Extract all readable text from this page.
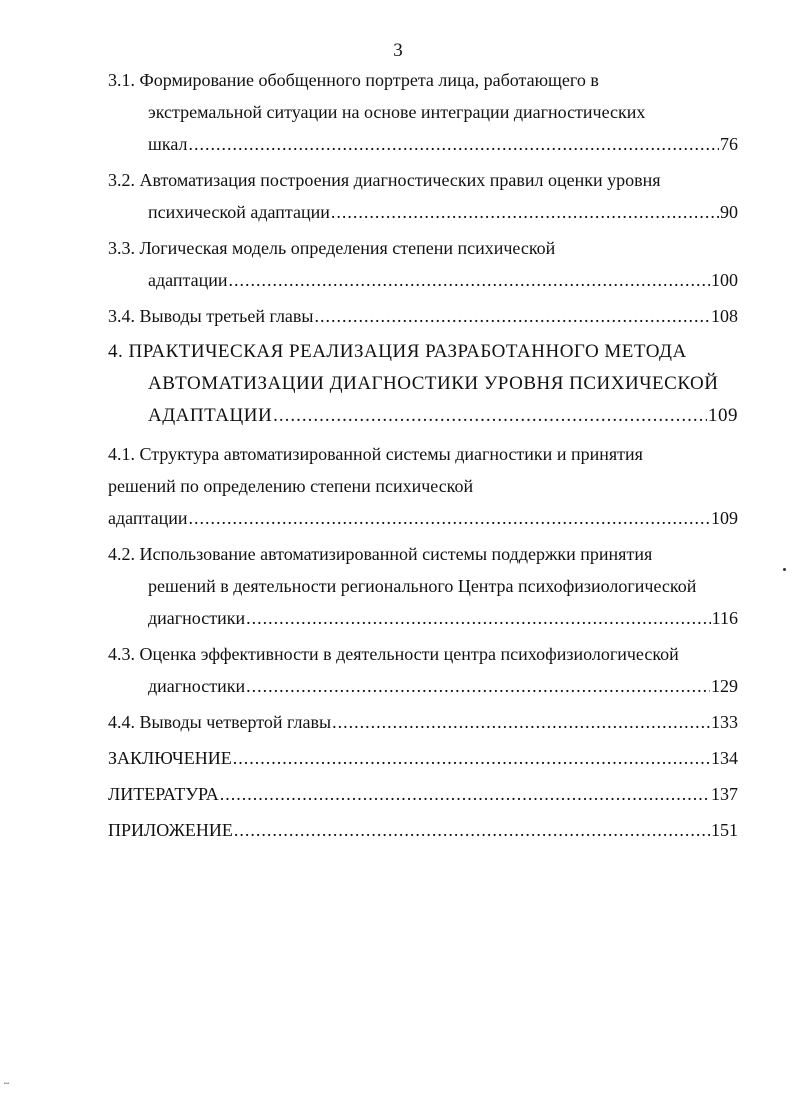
3
3.1. Формирование обобщенного портрета лица, работающего в
экстремальной ситуации на основе интеграции диагностических
шкал .....	76
3.2. Автоматизация построения диагностических правил оценки уровня
психической адаптации .....	90
3.3. Логическая модель определения степени психической
адаптации .....	100
3.4. Выводы третьей главы .....	108
4. ПРАКТИЧЕСКАЯ РЕАЛИЗАЦИЯ РАЗРАБОТАННОГО МЕТОДА
АВТОМАТИЗАЦИИ ДИАГНОСТИКИ УРОВНЯ ПСИХИЧЕСКОЙ
АДАПТАЦИИ .....	109
4.1. Структура автоматизированной системы диагностики и принятия
решений по определению степени психической
адаптации .....	109
4.2. Использование автоматизированной системы поддержки принятия
решений в деятельности регионального Центра психофизиологической
диагностики .....	116
4.3. Оценка эффективности в деятельности центра психофизиологической
диагностики .....	129
4.4. Выводы четвертой главы .....	133
ЗАКЛЮЧЕНИЕ .....	134
ЛИТЕРАТУРА .....	137
ПРИЛОЖЕНИЕ .....	151
I
